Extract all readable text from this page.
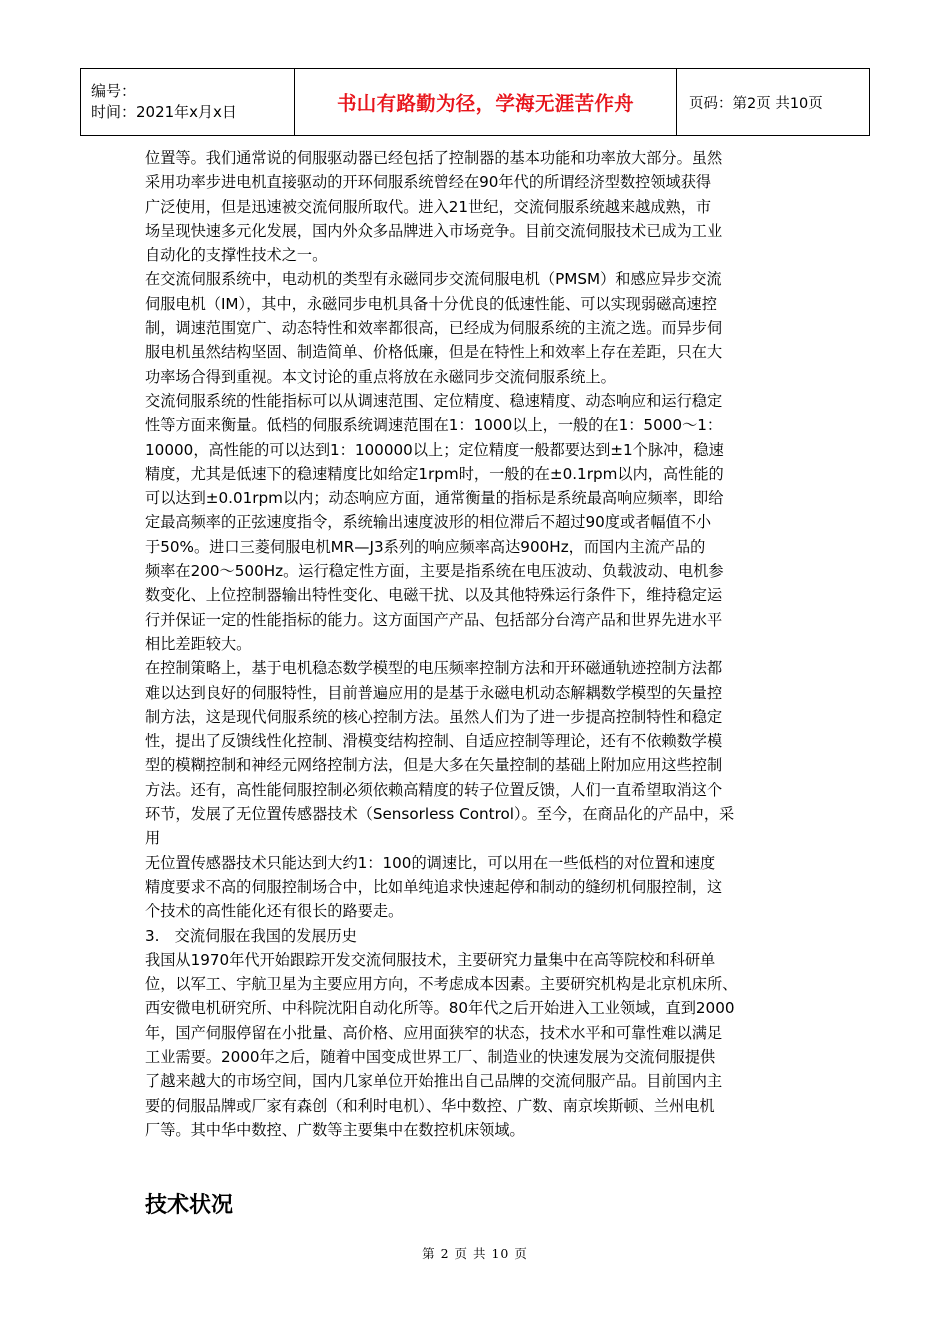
编号：
时间：2021年x月x日	书山有路勤为径，学海无涯苦作舟	页码：第2页 共10页

位置等。我们通常说的伺服驱动器已经包括了控制器的基本功能和功率放大部分。虽然

采用功率步进电机直接驱动的开环伺服系统曾经在90年代的所谓经济型数控领域获得

广泛使用，但是迅速被交流伺服所取代。进入21世纪，交流伺服系统越来越成熟，市

场呈现快速多元化发展，国内外众多品牌进入市场竞争。目前交流伺服技术已成为工业

自动化的支撑性技术之一。

在交流伺服系统中，电动机的类型有永磁同步交流伺服电机（PMSM）和感应异步交流

伺服电机（IM），其中，永磁同步电机具备十分优良的低速性能、可以实现弱磁高速控

制，调速范围宽广、动态特性和效率都很高，已经成为伺服系统的主流之选。而异步伺

服电机虽然结构坚固、制造简单、价格低廉，但是在特性上和效率上存在差距，只在大

功率场合得到重视。本文讨论的重点将放在永磁同步交流伺服系统上。

交流伺服系统的性能指标可以从调速范围、定位精度、稳速精度、动态响应和运行稳定

性等方面来衡量。低档的伺服系统调速范围在1：1000以上，一般的在1：5000～1：

10000，高性能的可以达到1：100000以上；定位精度一般都要达到±1个脉冲，稳速

精度，尤其是低速下的稳速精度比如给定1rpm时，一般的在±0.1rpm以内，高性能的

可以达到±0.01rpm以内；动态响应方面，通常衡量的指标是系统最高响应频率，即给

定最高频率的正弦速度指令，系统输出速度波形的相位滞后不超过90度或者幅值不小

于50%。进口三菱伺服电机MR—J3系列的响应频率高达900Hz，而国内主流产品的

频率在200～500Hz。运行稳定性方面，主要是指系统在电压波动、负载波动、电机参

数变化、上位控制器输出特性变化、电磁干扰、以及其他特殊运行条件下，维持稳定运

行并保证一定的性能指标的能力。这方面国产产品、包括部分台湾产品和世界先进水平

相比差距较大。

在控制策略上，基于电机稳态数学模型的电压频率控制方法和开环磁通轨迹控制方法都

难以达到良好的伺服特性，目前普遍应用的是基于永磁电机动态解耦数学模型的矢量控

制方法，这是现代伺服系统的核心控制方法。虽然人们为了进一步提高控制特性和稳定

性，提出了反馈线性化控制、滑模变结构控制、自适应控制等理论，还有不依赖数学模

型的模糊控制和神经元网络控制方法，但是大多在矢量控制的基础上附加应用这些控制

方法。还有，高性能伺服控制必须依赖高精度的转子位置反馈，人们一直希望取消这个

环节，发展了无位置传感器技术（Sensorless Control）。至今，在商品化的产品中，采

用

无位置传感器技术只能达到大约1：100的调速比，可以用在一些低档的对位置和速度

精度要求不高的伺服控制场合中，比如单纯追求快速起停和制动的缝纫机伺服控制，这

个技术的高性能化还有很长的路要走。

3.　交流伺服在我国的发展历史

我国从1970年代开始跟踪开发交流伺服技术，主要研究力量集中在高等院校和科研单

位，以军工、宇航卫星为主要应用方向，不考虑成本因素。主要研究机构是北京机床所、

西安微电机研究所、中科院沈阳自动化所等。80年代之后开始进入工业领域，直到2000

年，国产伺服停留在小批量、高价格、应用面狭窄的状态，技术水平和可靠性难以满足

工业需要。2000年之后，随着中国变成世界工厂、制造业的快速发展为交流伺服提供

了越来越大的市场空间，国内几家单位开始推出自己品牌的交流伺服产品。目前国内主

要的伺服品牌或厂家有森创（和利时电机）、华中数控、广数、南京埃斯顿、兰州电机

厂等。其中华中数控、广数等主要集中在数控机床领域。

技术状况
第 2 页 共 10 页
